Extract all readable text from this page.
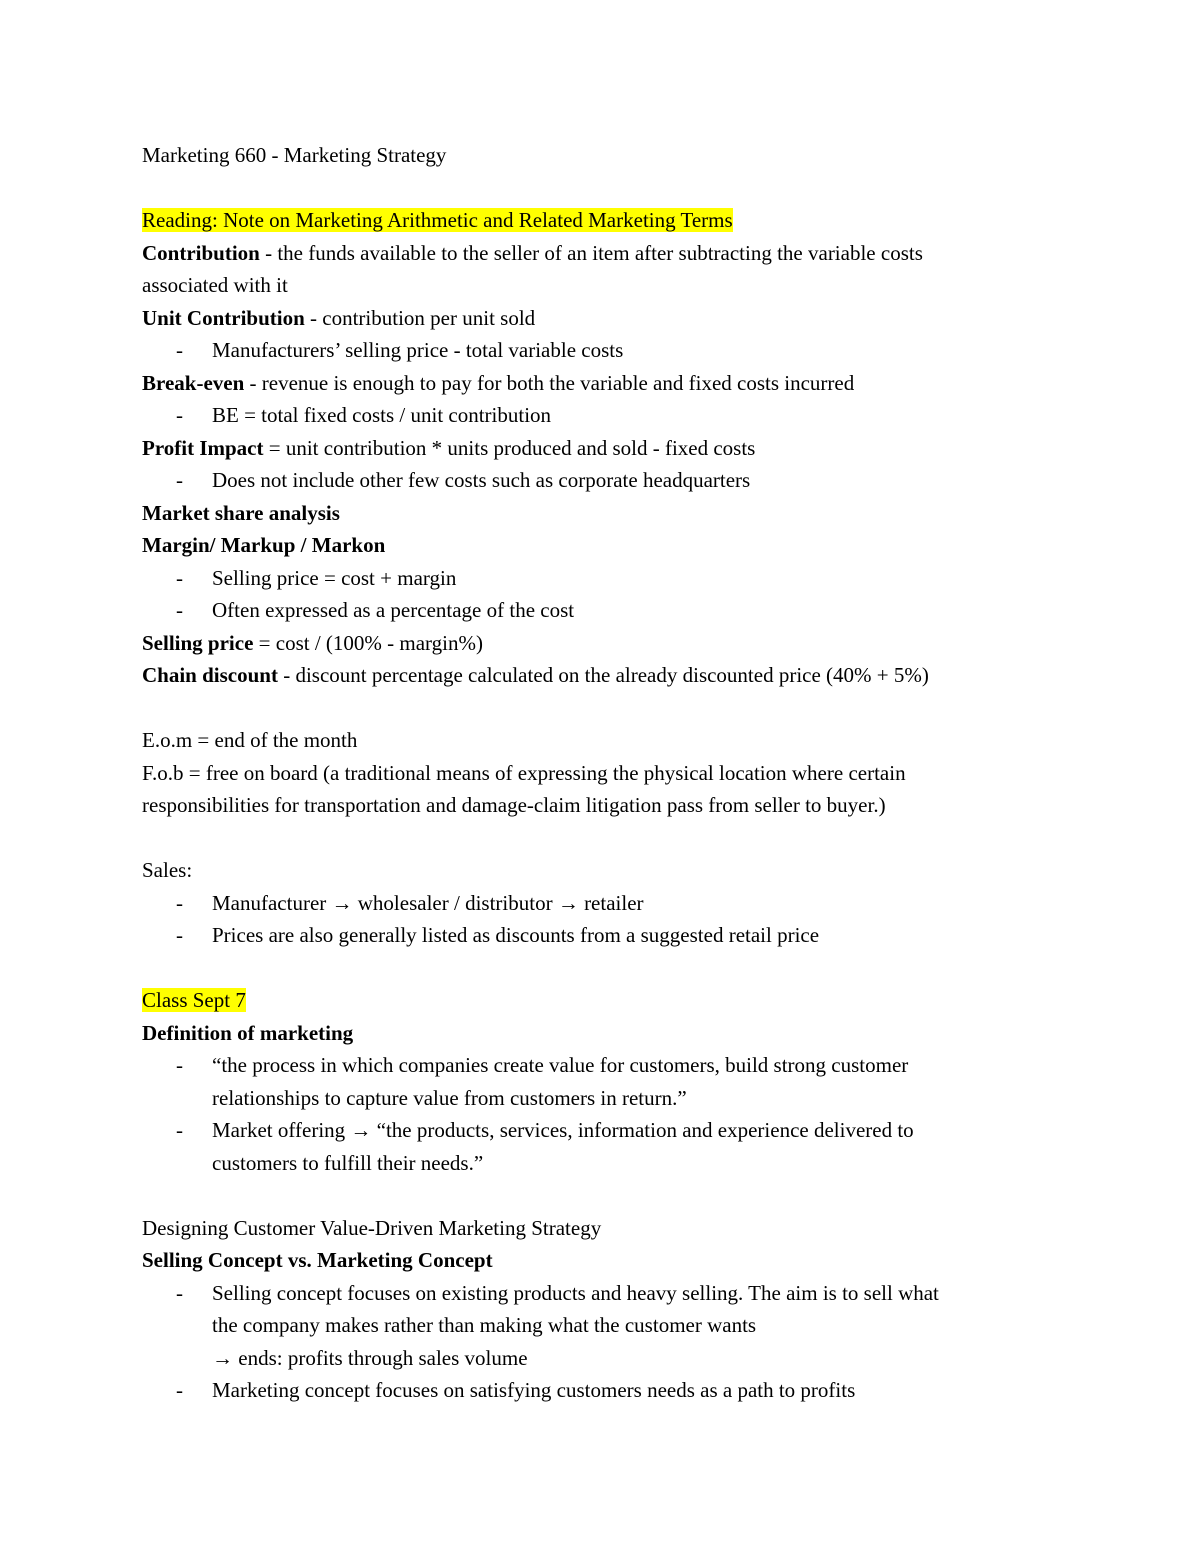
Marketing 660 - Marketing Strategy
Reading: Note on Marketing Arithmetic and Related Marketing Terms
Contribution - the funds available to the seller of an item after subtracting the variable costs
associated with it
Unit Contribution - contribution per unit sold
- Manufacturers’ selling price - total variable costs
Break-even - revenue is enough to pay for both the variable and fixed costs incurred
- BE = total fixed costs / unit contribution
Profit Impact = unit contribution * units produced and sold - fixed costs
- Does not include other few costs such as corporate headquarters
Market share analysis
Margin/ Markup / Markon
- Selling price = cost + margin
- Often expressed as a percentage of the cost
Selling price = cost / (100% - margin%)
Chain discount - discount percentage calculated on the already discounted price (40% + 5%)
E.o.m = end of the month
F.o.b = free on board (a traditional means of expressing the physical location where certain
responsibilities for transportation and damage-claim litigation pass from seller to buyer.)
Sales:
- Manufacturer → wholesaler / distributor → retailer
- Prices are also generally listed as discounts from a suggested retail price
Class Sept 7
Definition of marketing
- “the process in which companies create value for customers, build strong customer
relationships to capture value from customers in return.”
- Market offering → “the products, services, information and experience delivered to
customers to fulfill their needs.”
Designing Customer Value-Driven Marketing Strategy
Selling Concept vs. Marketing Concept
- Selling concept focuses on existing products and heavy selling. The aim is to sell what
the company makes rather than making what the customer wants
→ ends: profits through sales volume
- Marketing concept focuses on satisfying customers needs as a path to profits
